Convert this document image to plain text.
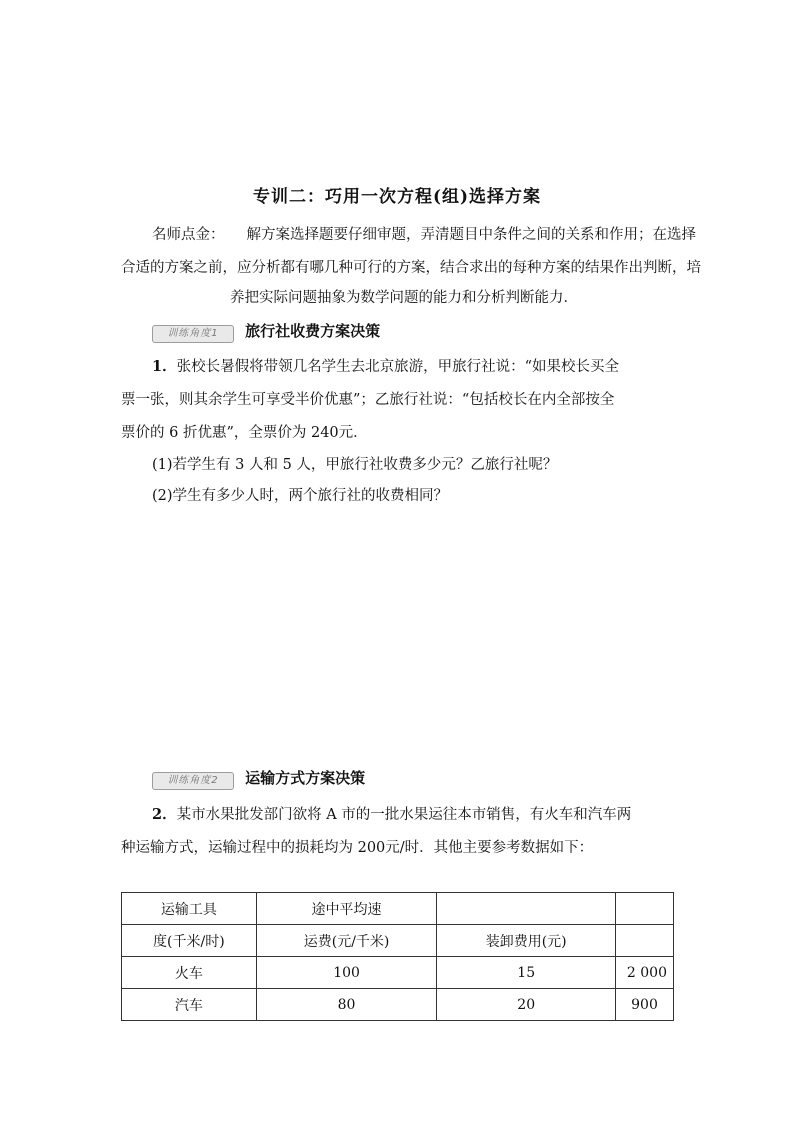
专训二：巧用一次方程(组)选择方案
名师点金： 解方案选择题要仔细审题，弄清题目中条件之间的关系和作用；在选择
合适的方案之前，应分析都有哪几种可行的方案，结合求出的每种方案的结果作出判断，培
养把实际问题抽象为数学问题的能力和分析判断能力．
训练角度1 旅行社收费方案决策
1．张校长暑假将带领几名学生去北京旅游，甲旅行社说：“如果校长买全
票一张，则其余学生可享受半价优惠”；乙旅行社说：“包括校长在内全部按全
票价的 6 折优惠”，全票价为 240元．
(1)若学生有 3 人和 5 人，甲旅行社收费多少元？乙旅行社呢？
(2)学生有多少人时，两个旅行社的收费相同？
训练角度2 运输方式方案决策
2．某市水果批发部门欲将 A 市的一批水果运往本市销售，有火车和汽车两
种运输方式，运输过程中的损耗均为 200元/时．其他主要参考数据如下：
运输工具	途中平均速		
度(千米/时)	运费(元/千米)	装卸费用(元)	
火车	100	15	2 000
汽车	80	20	900
